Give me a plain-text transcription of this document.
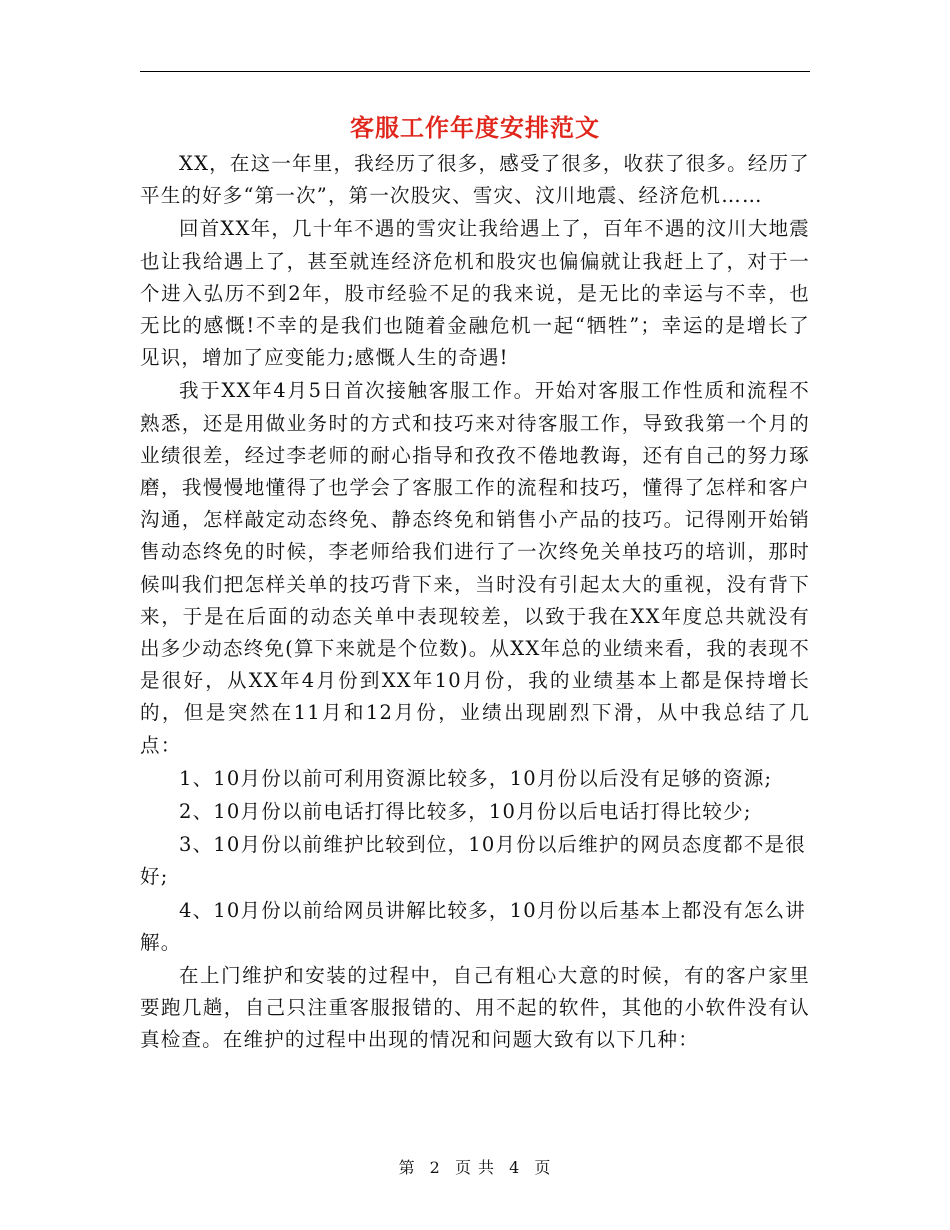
客服工作年度安排范文

XX，在这一年里，我经历了很多，感受了很多，收获了很多。经历了平生的好多“第一次”，第一次股灾、雪灾、汶川地震、经济危机……

回首XX年，几十年不遇的雪灾让我给遇上了，百年不遇的汶川大地震也让我给遇上了，甚至就连经济危机和股灾也偏偏就让我赶上了，对于一个进入弘历不到2年，股市经验不足的我来说，是无比的幸运与不幸，也无比的感慨!不幸的是我们也随着金融危机一起“牺牲”；幸运的是增长了见识，增加了应变能力;感慨人生的奇遇!

我于XX年4月5日首次接触客服工作。开始对客服工作性质和流程不熟悉，还是用做业务时的方式和技巧来对待客服工作，导致我第一个月的业绩很差，经过李老师的耐心指导和孜孜不倦地教诲，还有自己的努力琢磨，我慢慢地懂得了也学会了客服工作的流程和技巧，懂得了怎样和客户沟通，怎样敲定动态终免、静态终免和销售小产品的技巧。记得刚开始销售动态终免的时候，李老师给我们进行了一次终免关单技巧的培训，那时候叫我们把怎样关单的技巧背下来，当时没有引起太大的重视，没有背下来，于是在后面的动态关单中表现较差，以致于我在XX年度总共就没有出多少动态终免(算下来就是个位数)。从XX年总的业绩来看，我的表现不是很好，从XX年4月份到XX年10月份，我的业绩基本上都是保持增长的，但是突然在11月和12月份，业绩出现剧烈下滑，从中我总结了几点：

1、10月份以前可利用资源比较多，10月份以后没有足够的资源;

2、10月份以前电话打得比较多，10月份以后电话打得比较少;

3、10月份以前维护比较到位，10月份以后维护的网员态度都不是很好;

4、10月份以前给网员讲解比较多，10月份以后基本上都没有怎么讲解。

在上门维护和安装的过程中，自己有粗心大意的时候，有的客户家里要跑几趟，自己只注重客服报错的、用不起的软件，其他的小软件没有认真检查。在维护的过程中出现的情况和问题大致有以下几种：

第 2 页 共 4 页
